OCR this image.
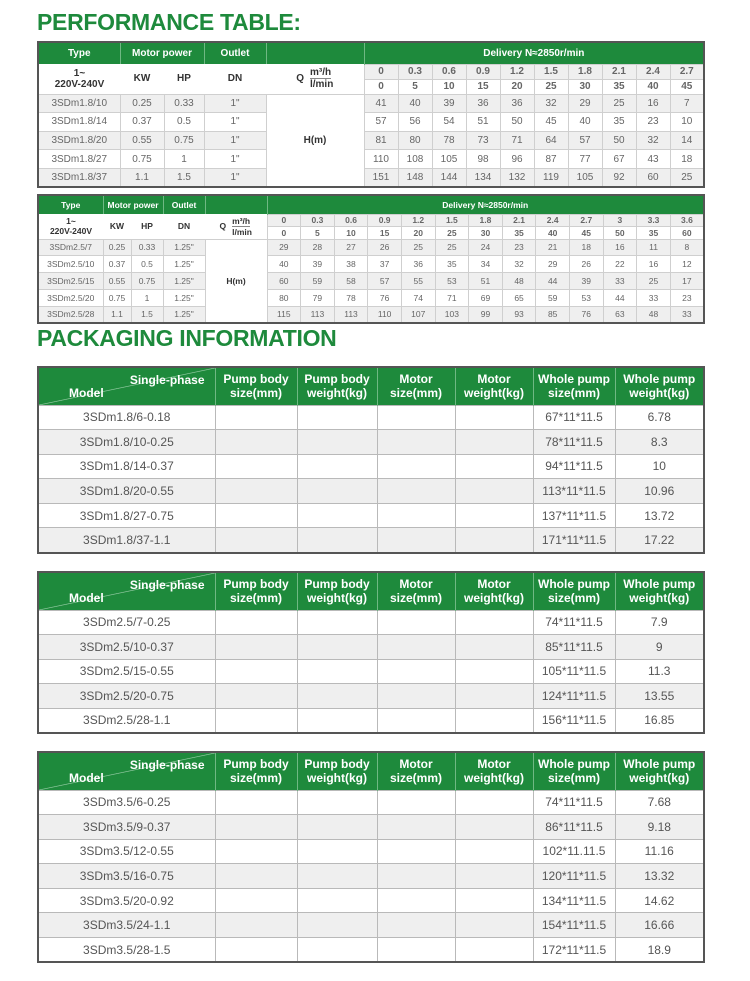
PERFORMANCE TABLE:
Type	Motor power		Outlet		Delivery N≈2850r/min									

1~
220V-240V	KW	HP	DN	Q
m³/h
l/min
	0	0.3	0.6	0.9	1.2	1.5	1.8	2.1	2.4	2.7
					0	5	10	15	20	25	30	35	40	45
3SDm1.8/10	0.25	0.33	1"	H(m)	41	40	39	36	36	32	29	25	16	7
3SDm1.8/14	0.37	0.5	1"		57	56	54	51	50	45	40	35	23	10
3SDm1.8/20	0.55	0.75	1"		81	80	78	73	71	64	57	50	32	14
3SDm1.8/27	0.75	1	1"		110	108	105	98	96	87	77	67	43	18
3SDm1.8/37	1.1	1.5	1"		151	148	144	134	132	119	105	92	60	25
Type	Motor power		Outlet		Delivery N≈2850r/min												

1~
220V-240V	KW	HP	DN	Q
m³/h
l/min
	0	0.3	0.6	0.9	1.2	1.5	1.8	2.1	2.4	2.7	3	3.3	3.6
					0	5	10	15	20	25	30	35	40	45	50	35	60
3SDm2.5/7	0.25	0.33	1.25"	H(m)	29	28	27	26	25	25	24	23	21	18	16	11	8
3SDm2.5/10	0.37	0.5	1.25"		40	39	38	37	36	35	34	32	29	26	22	16	12
3SDm2.5/15	0.55	0.75	1.25"		60	59	58	57	55	53	51	48	44	39	33	25	17
3SDm2.5/20	0.75	1	1.25"		80	79	78	76	74	71	69	65	59	53	44	33	23
3SDm2.5/28	1.1	1.5	1.25"		115	113	113	110	107	103	99	93	85	76	63	48	33
PACKAGING INFORMATION
Single-phase
Model

Pump body
size(mm)

Pump body
weight(kg)

Motor
size(mm)

Motor
weight(kg)

Whole pump
size(mm)

Whole pump
weight(kg)

3SDm1.8/6-0.18					67*11*11.5	6.78
3SDm1.8/10-0.25					78*11*11.5	8.3
3SDm1.8/14-0.37					94*11*11.5	10
3SDm1.8/20-0.55					113*11*11.5	10.96
3SDm1.8/27-0.75					137*11*11.5	13.72
3SDm1.8/37-1.1					171*11*11.5	17.22
Single-phase
Model

Pump body
size(mm)

Pump body
weight(kg)

Motor
size(mm)

Motor
weight(kg)

Whole pump
size(mm)

Whole pump
weight(kg)

3SDm2.5/7-0.25					74*11*11.5	7.9
3SDm2.5/10-0.37					85*11*11.5	9
3SDm2.5/15-0.55					105*11*11.5	11.3
3SDm2.5/20-0.75					124*11*11.5	13.55
3SDm2.5/28-1.1					156*11*11.5	16.85
Single-phase
Model

Pump body
size(mm)

Pump body
weight(kg)

Motor
size(mm)

Motor
weight(kg)

Whole pump
size(mm)

Whole pump
weight(kg)

3SDm3.5/6-0.25					74*11*11.5	7.68
3SDm3.5/9-0.37					86*11*11.5	9.18
3SDm3.5/12-0.55					102*11.11.5	11.16
3SDm3.5/16-0.75					120*11*11.5	13.32
3SDm3.5/20-0.92					134*11*11.5	14.62
3SDm3.5/24-1.1					154*11*11.5	16.66
3SDm3.5/28-1.5					172*11*11.5	18.9
